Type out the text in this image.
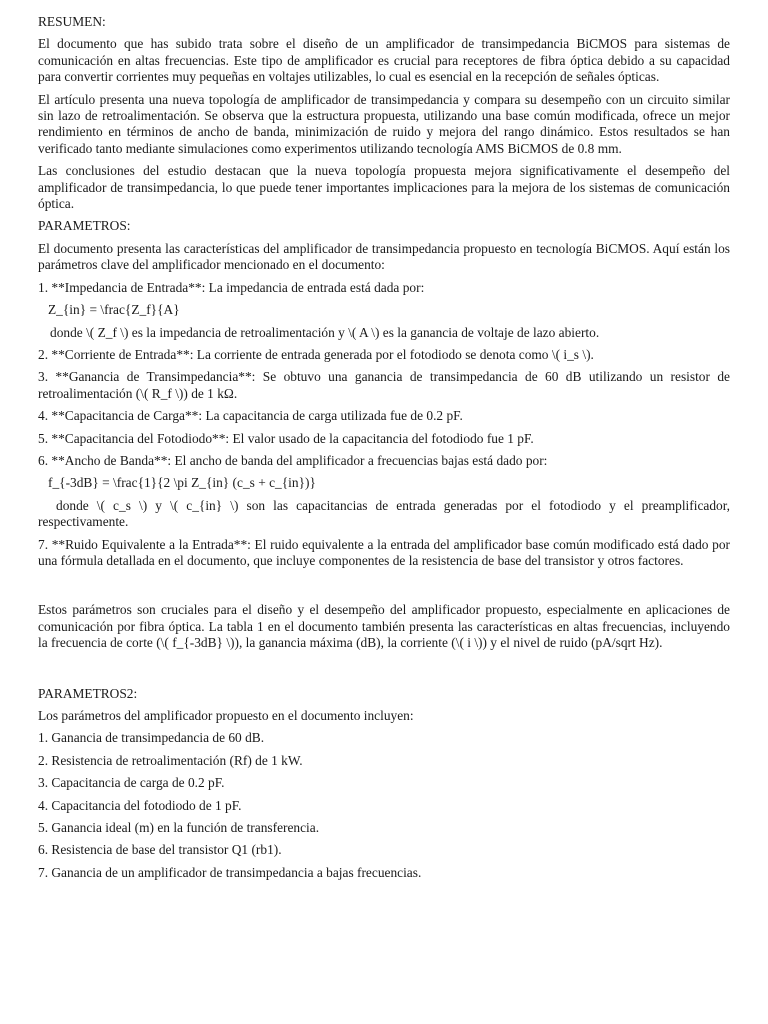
RESUMEN:

El documento que has subido trata sobre el diseño de un amplificador de transimpedancia BiCMOS para sistemas de comunicación en altas frecuencias. Este tipo de amplificador es crucial para receptores de fibra óptica debido a su capacidad para convertir corrientes muy pequeñas en voltajes utilizables, lo cual es esencial en la recepción de señales ópticas.

El artículo presenta una nueva topología de amplificador de transimpedancia y compara su desempeño con un circuito similar sin lazo de retroalimentación. Se observa que la estructura propuesta, utilizando una base común modificada, ofrece un mejor rendimiento en términos de ancho de banda, minimización de ruido y mejora del rango dinámico. Estos resultados se han verificado tanto mediante simulaciones como experimentos utilizando tecnología AMS BiCMOS de 0.8 mm.

Las conclusiones del estudio destacan que la nueva topología propuesta mejora significativamente el desempeño del amplificador de transimpedancia, lo que puede tener importantes implicaciones para la mejora de los sistemas de comunicación óptica.

PARAMETROS:

El documento presenta las características del amplificador de transimpedancia propuesto en tecnología BiCMOS. Aquí están los parámetros clave del amplificador mencionado en el documento:

1. **Impedancia de Entrada**: La impedancia de entrada está dada por:

Z_{in} = \frac{Z_f}{A}

donde \( Z_f \) es la impedancia de retroalimentación y \( A \) es la ganancia de voltaje de lazo abierto.

2. **Corriente de Entrada**: La corriente de entrada generada por el fotodiodo se denota como \( i_s \).

3. **Ganancia de Transimpedancia**: Se obtuvo una ganancia de transimpedancia de 60 dB utilizando un resistor de retroalimentación (\( R_f \)) de 1 kΩ.

4. **Capacitancia de Carga**: La capacitancia de carga utilizada fue de 0.2 pF.

5. **Capacitancia del Fotodiodo**: El valor usado de la capacitancia del fotodiodo fue 1 pF.

6. **Ancho de Banda**: El ancho de banda del amplificador a frecuencias bajas está dado por:

f_{-3dB} = \frac{1}{2 \pi Z_{in} (c_s + c_{in})}

donde \( c_s \) y \( c_{in} \) son las capacitancias de entrada generadas por el fotodiodo y el preamplificador, respectivamente.

7. **Ruido Equivalente a la Entrada**: El ruido equivalente a la entrada del amplificador base común modificado está dado por una fórmula detallada en el documento, que incluye componentes de la resistencia de base del transistor y otros factores.

Estos parámetros son cruciales para el diseño y el desempeño del amplificador propuesto, especialmente en aplicaciones de comunicación por fibra óptica. La tabla 1 en el documento también presenta las características en altas frecuencias, incluyendo la frecuencia de corte (\( f_{-3dB} \)), la ganancia máxima (dB), la corriente (\( i \)) y el nivel de ruido (pA/sqrt Hz).

PARAMETROS2:

Los parámetros del amplificador propuesto en el documento incluyen:

1. Ganancia de transimpedancia de 60 dB.

2. Resistencia de retroalimentación (Rf) de 1 kW.

3. Capacitancia de carga de 0.2 pF.

4. Capacitancia del fotodiodo de 1 pF.

5. Ganancia ideal (m) en la función de transferencia.

6. Resistencia de base del transistor Q1 (rb1).

7. Ganancia de un amplificador de transimpedancia a bajas frecuencias.
